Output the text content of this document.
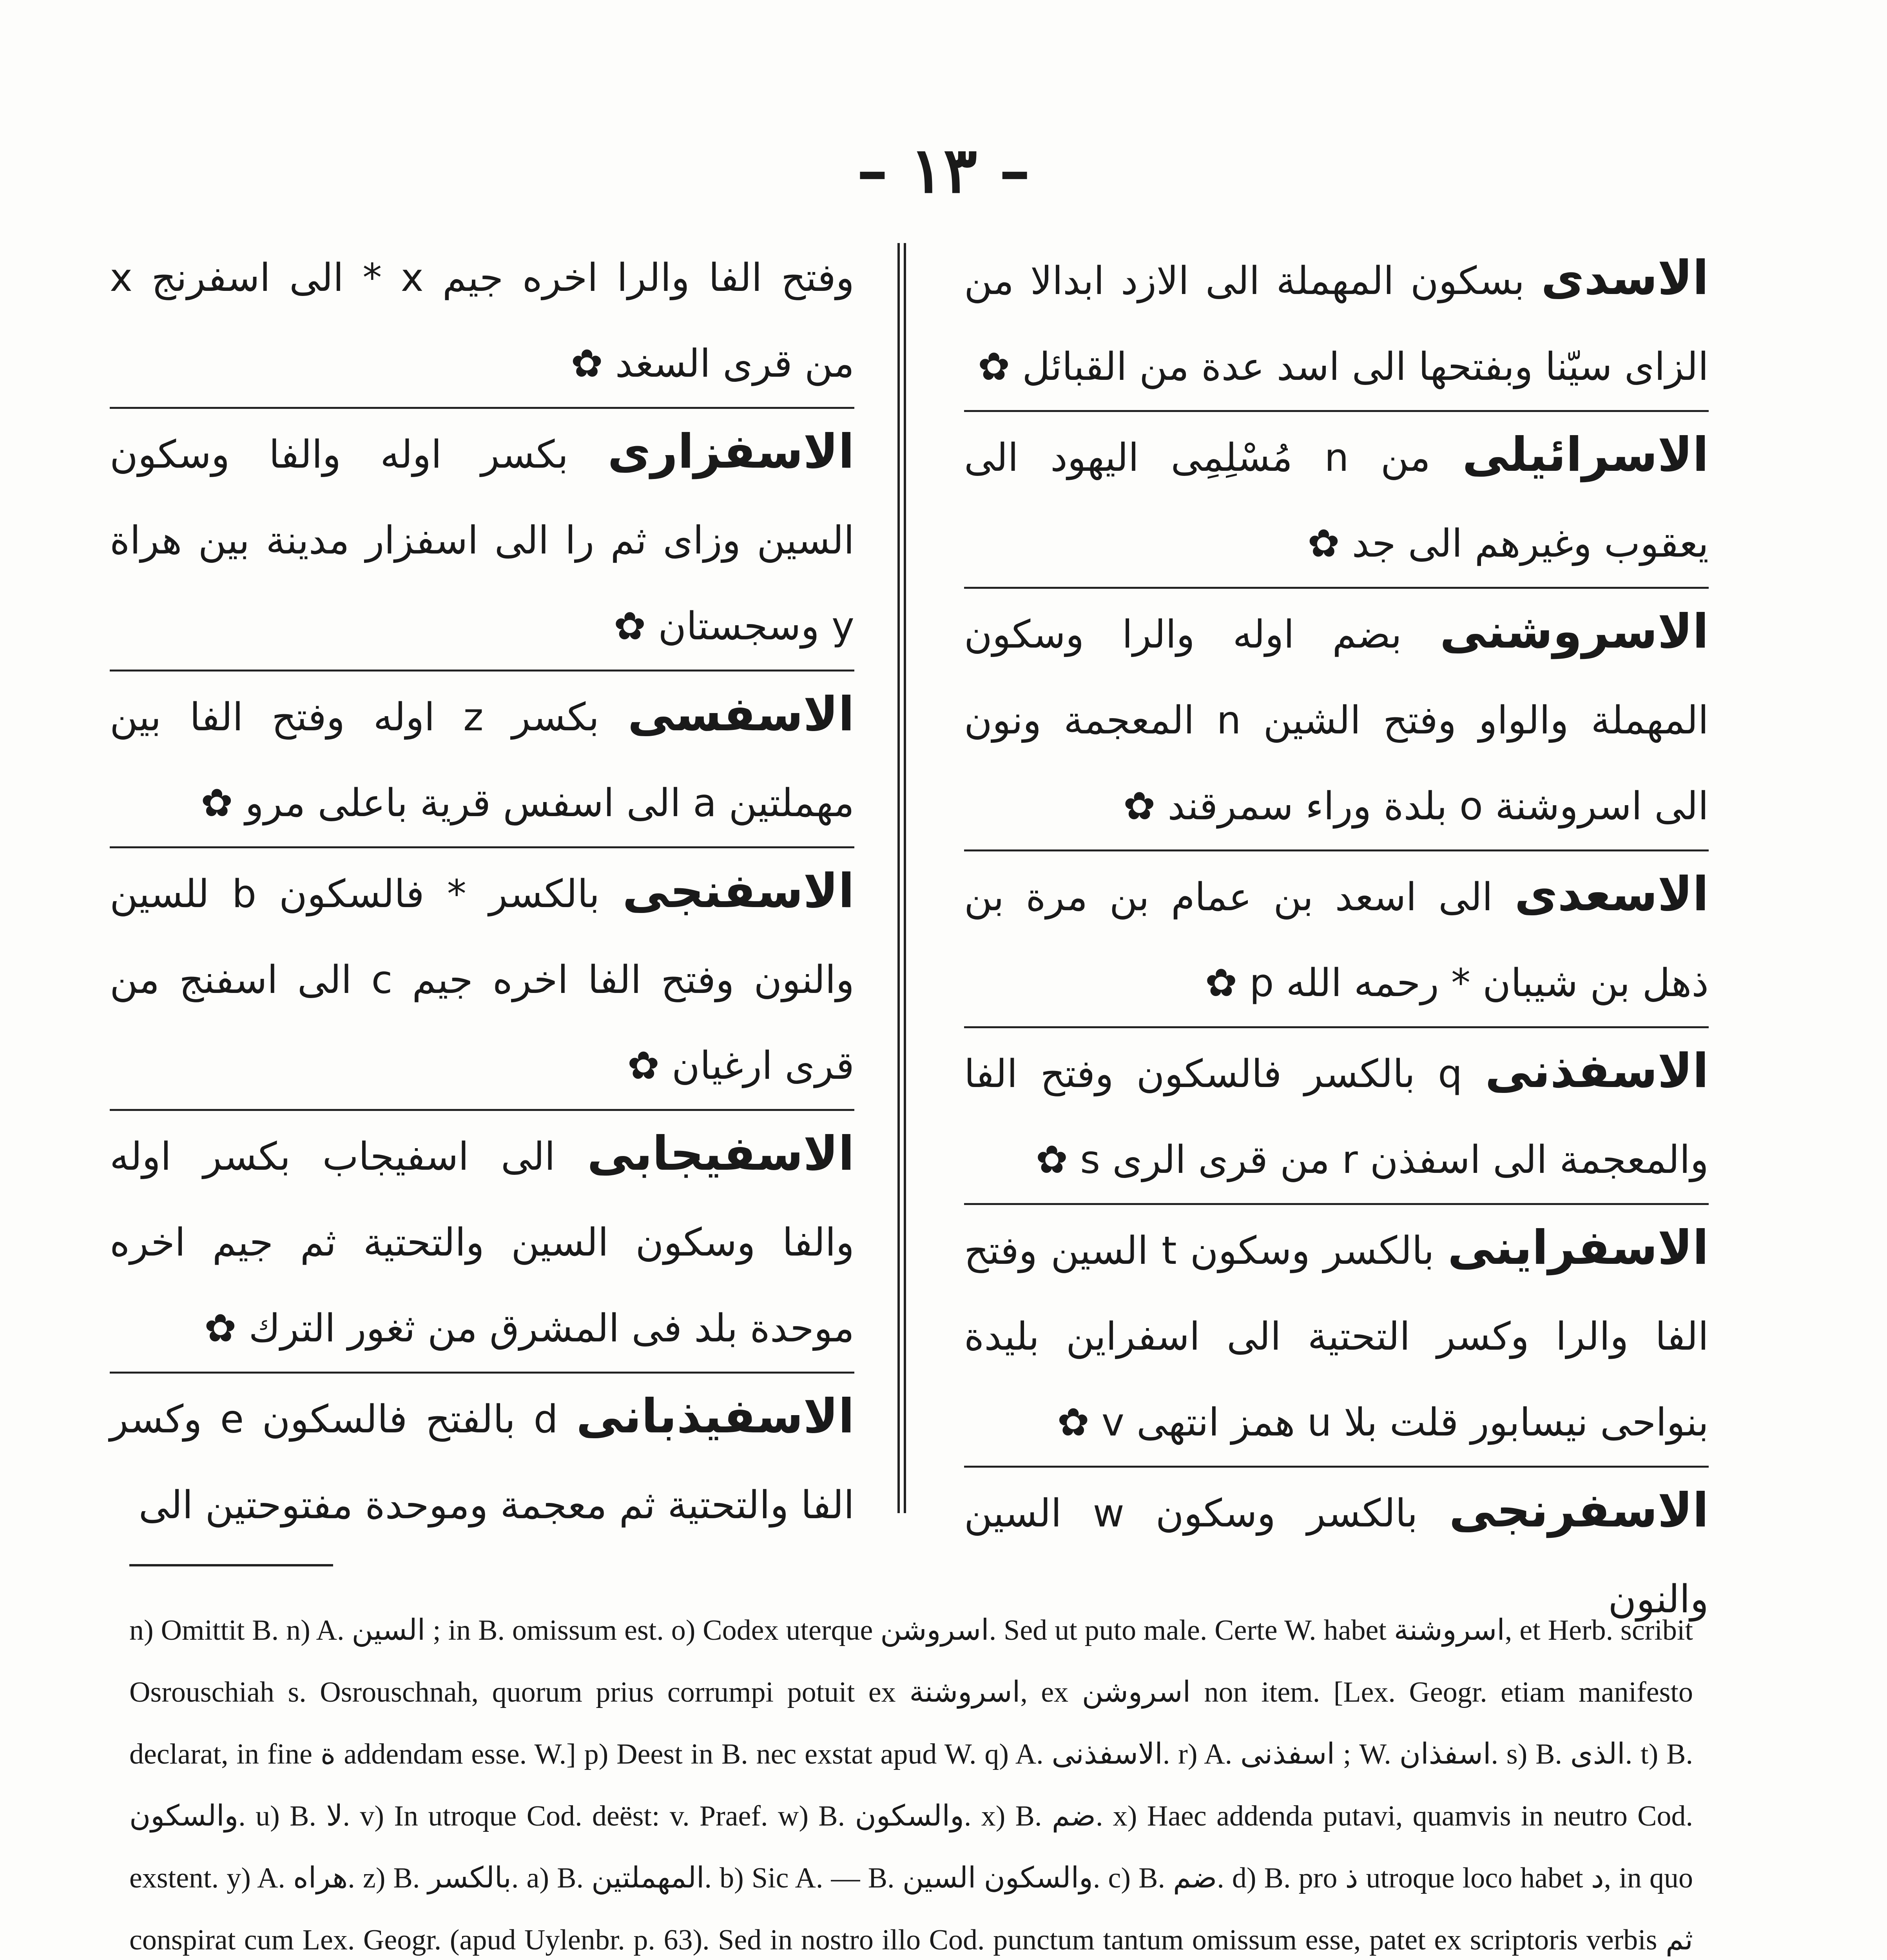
– ١٣ –

الاسدى بسكون المهملة الى الازد ابدالا من الزاى سيّنا وبفتحها الى اسد عدة من القبائل ✿

الاسرائيلى من n مُسْلِمِى اليهود الى يعقوب وغيرهم الى جد ✿

الاسروشنى بضم اوله والرا وسكون المهملة والواو وفتح الشين n المعجمة ونون الى اسروشنة o بلدة وراء سمرقند ✿

الاسعدى الى اسعد بن عمام بن مرة بن ذهل بن شيبان * رحمه الله p ✿

الاسفذنى q بالكسر فالسكون وفتح الفا والمعجمة الى اسفذن r من قرى الرى s ✿

الاسفراينى بالكسر وسكون t السين وفتح الفا والرا وكسر التحتية الى اسفراين بليدة بنواحى نيسابور قلت بلا u همز انتهى v ✿

الاسفرنجى بالكسر وسكون w السين والنون

وفتح الفا والرا اخره جيم x * الى اسفرنج x من قرى السغد ✿

الاسفزارى بكسر اوله والفا وسكون السين وزاى ثم را الى اسفزار مدينة بين هراة y وسجستان ✿

الاسفسى بكسر z اوله وفتح الفا بين مهملتين a الى اسفس قرية باعلى مرو ✿

الاسفنجى بالكسر * فالسكون b للسين والنون وفتح الفا اخره جيم c الى اسفنج من قرى ارغيان ✿

الاسفيجابى الى اسفيجاب بكسر اوله والفا وسكون السين والتحتية ثم جيم اخره موحدة بلد فى المشرق من ثغور الترك ✿

الاسفيذبانى d بالفتح فالسكون e وكسر الفا والتحتية ثم معجمة وموحدة مفتوحتين الى

n) Omittit B. n) A. السين ; in B. omissum est. o) Codex uterque اسروشن. Sed ut puto male. Certe W. habet اسروشنة, et Herb. scribit Osrouschiah s. Osrouschnah, quorum prius corrumpi potuit ex اسروشنة, ex اسروشن non item. [Lex. Geogr. etiam manifesto declarat, in fine ة addendam esse. W.] p) Deest in B. nec exstat apud W. q) A. الاسفذنى. r) A. اسفذنى ; W. اسفذان. s) B. الذى. t) B. والسكون. u) B. لا. v) In utroque Cod. deëst: v. Praef. w) B. والسكون. x) B. ضم. x) Haec addenda putavi, quamvis in neutro Cod. exstent. y) A. هراه. z) B. بالكسر. a) B. المهملتين. b) Sic A. — B. والسكون السين. c) B. ضم. d) B. pro ذ utroque loco habet د, in quo conspirat cum Lex. Geogr. (apud Uylenbr. p. 63). Sed in nostro illo Cod. punctum tantum omissum esse, patet ex scriptoris verbis ثم
